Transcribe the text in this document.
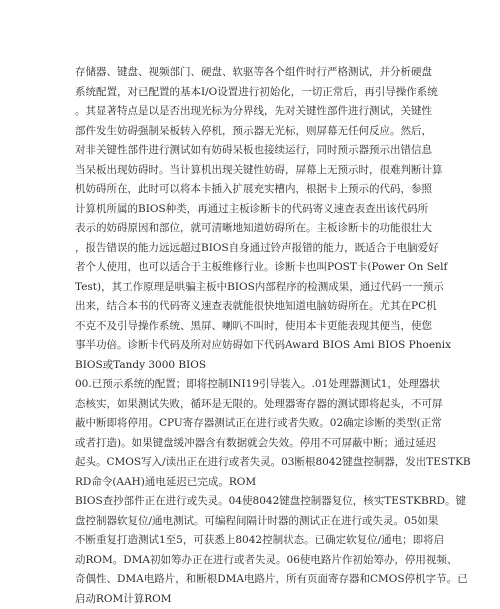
存储器、键盘、视频部门、硬盘、软驱等各个组件时行严格测试，并分析硬盘
系统配置，对已配置的基本I/O设置进行初始化，一切正常后，再引导操作系统
。其显著特点是以是否出现光标为分界线，先对关键性部件进行测试，关键性
部件发生妨碍强制呆板转入停机，预示器无光标，则屏幕无任何反应。然后，
对非关键性部件进行测试如有妨碍呆板也接续运行，同时预示器预示出错信息
当呆板出现妨碍时。当计算机出现关键性妨碍，屏幕上无预示时，很难判断计算
机妨碍所在，此时可以将本卡插入扩展充实槽内，根据卡上预示的代码，参照
计算机所属的BIOS种类，再通过主板诊断卡的代码寄义速查表查出该代码所
表示的妨碍原因和部位，就可清晰地知道妨碍所在。主板诊断卡的功能很壮大
，报告错误的能力远远超过BIOS自身通过铃声报错的能力，既适合于电脑爱好
者个人使用，也可以适合于主板维修行业。诊断卡也叫POST卡(Power On Self
Test)，其工作原理是哄骗主板中BIOS内部程序的检测成果，通过代码一一预示
出来，结合本书的代码寄义速查表就能很快地知道电脑妨碍所在。尤其在PC机
不克不及引导操作系统、黑屏、喇叭不叫时，使用本卡更能表现其便当，使您
事半功倍。诊断卡代码及所对应妨碍如下代码Award BIOS Ami BIOS Phoenix
BIOS或Tandy 3000 BIOS
00.已预示系统的配置；即将控制INI19引导装入。.01处理器测试1，处理器状
态核实，如果测试失败，循环是无限的。处理器寄存器的测试即将起头，不可屏
蔽中断即将停用。CPU寄存器测试正在进行或者失败。02确定诊断的类型(正常
或者打造)。如果键盘缓冲器含有数据就会失效。停用不可屏蔽中断；通过延迟
起头。CMOS写入/读出正在进行或者失灵。03断根8042键盘控制器，发出TESTKB
RD命令(AAH)通电延迟已完成。ROM
BIOS查抄部件正在进行或失灵。04使8042键盘控制器复位，核实TESTKBRD。键
盘控制器软复位/通电测试。可编程间隔计时器的测试正在进行或失灵。05如果
不断重复打造测试1至5，可获悉上8042控制状态。已确定软复位/通电；即将启
动ROM。DMA初如筹办正在进行或者失灵。06使电路片作初始筹办，停用视频、
奇偶性、DMA电路片，和断根DMA电路片，所有页面寄存器和CMOS停机字节。已
启动ROM计算ROM
